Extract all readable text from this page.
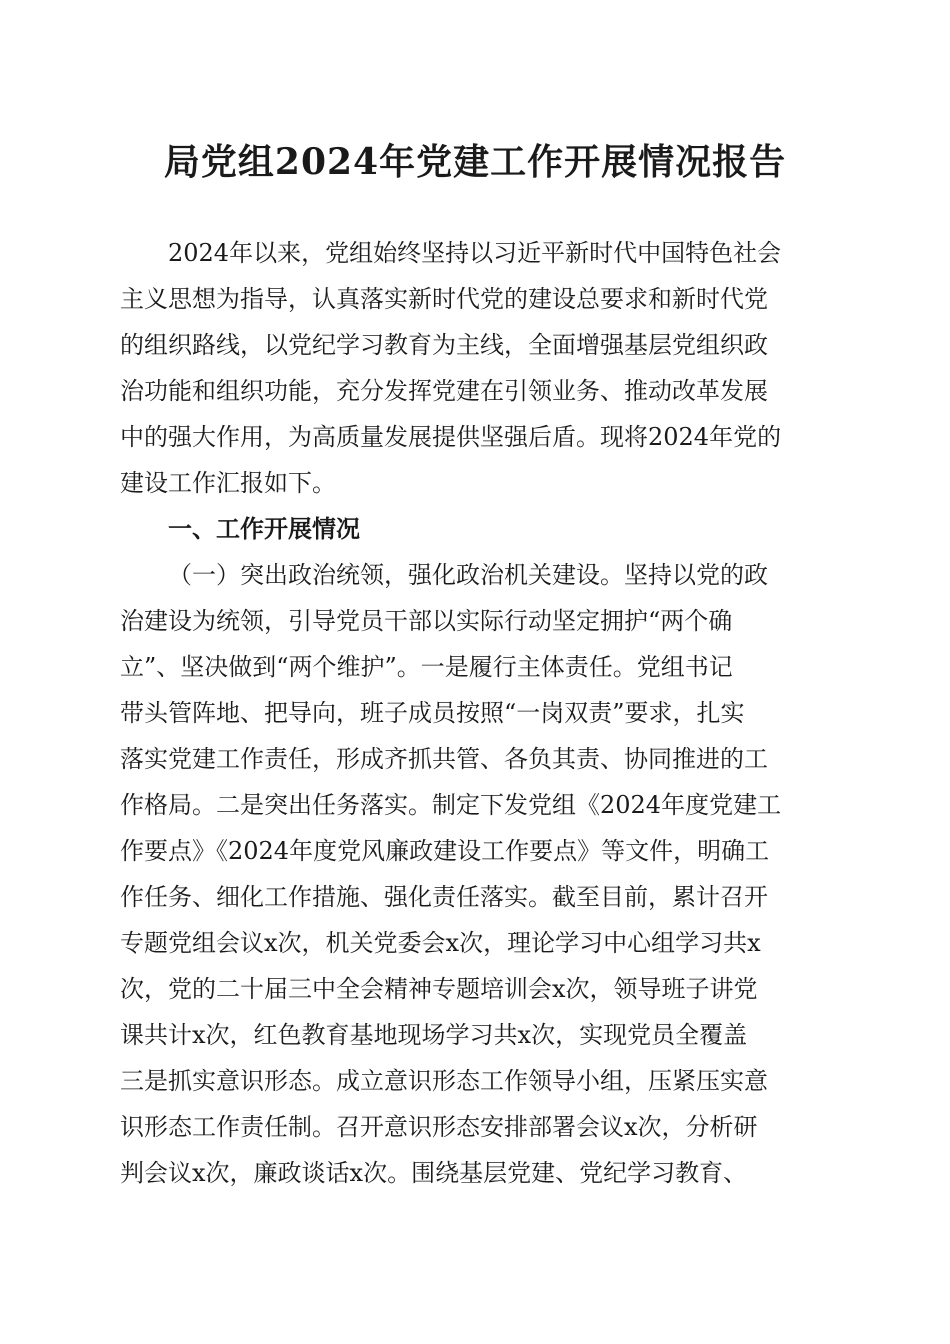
局党组2024年党建工作开展情况报告

2024年以来，党组始终坚持以习近平新时代中国特色社会

主义思想为指导，认真落实新时代党的建设总要求和新时代党

的组织路线，以党纪学习教育为主线，全面增强基层党组织政

治功能和组织功能，充分发挥党建在引领业务、推动改革发展

中的强大作用，为高质量发展提供坚强后盾。现将2024年党的

建设工作汇报如下。

一、工作开展情况

（一）突出政治统领，强化政治机关建设。坚持以党的政

治建设为统领，引导党员干部以实际行动坚定拥护“两个确

立”、坚决做到“两个维护”。一是履行主体责任。党组书记

带头管阵地、把导向，班子成员按照“一岗双责”要求，扎实

落实党建工作责任，形成齐抓共管、各负其责、协同推进的工

作格局。二是突出任务落实。制定下发党组《2024年度党建工

作要点》《2024年度党风廉政建设工作要点》等文件，明确工

作任务、细化工作措施、强化责任落实。截至目前，累计召开

专题党组会议x次，机关党委会x次，理论学习中心组学习共x

次，党的二十届三中全会精神专题培训会x次，领导班子讲党

课共计x次，红色教育基地现场学习共x次，实现党员全覆盖

三是抓实意识形态。成立意识形态工作领导小组，压紧压实意

识形态工作责任制。召开意识形态安排部署会议x次，分析研

判会议x次，廉政谈话x次。围绕基层党建、党纪学习教育、
